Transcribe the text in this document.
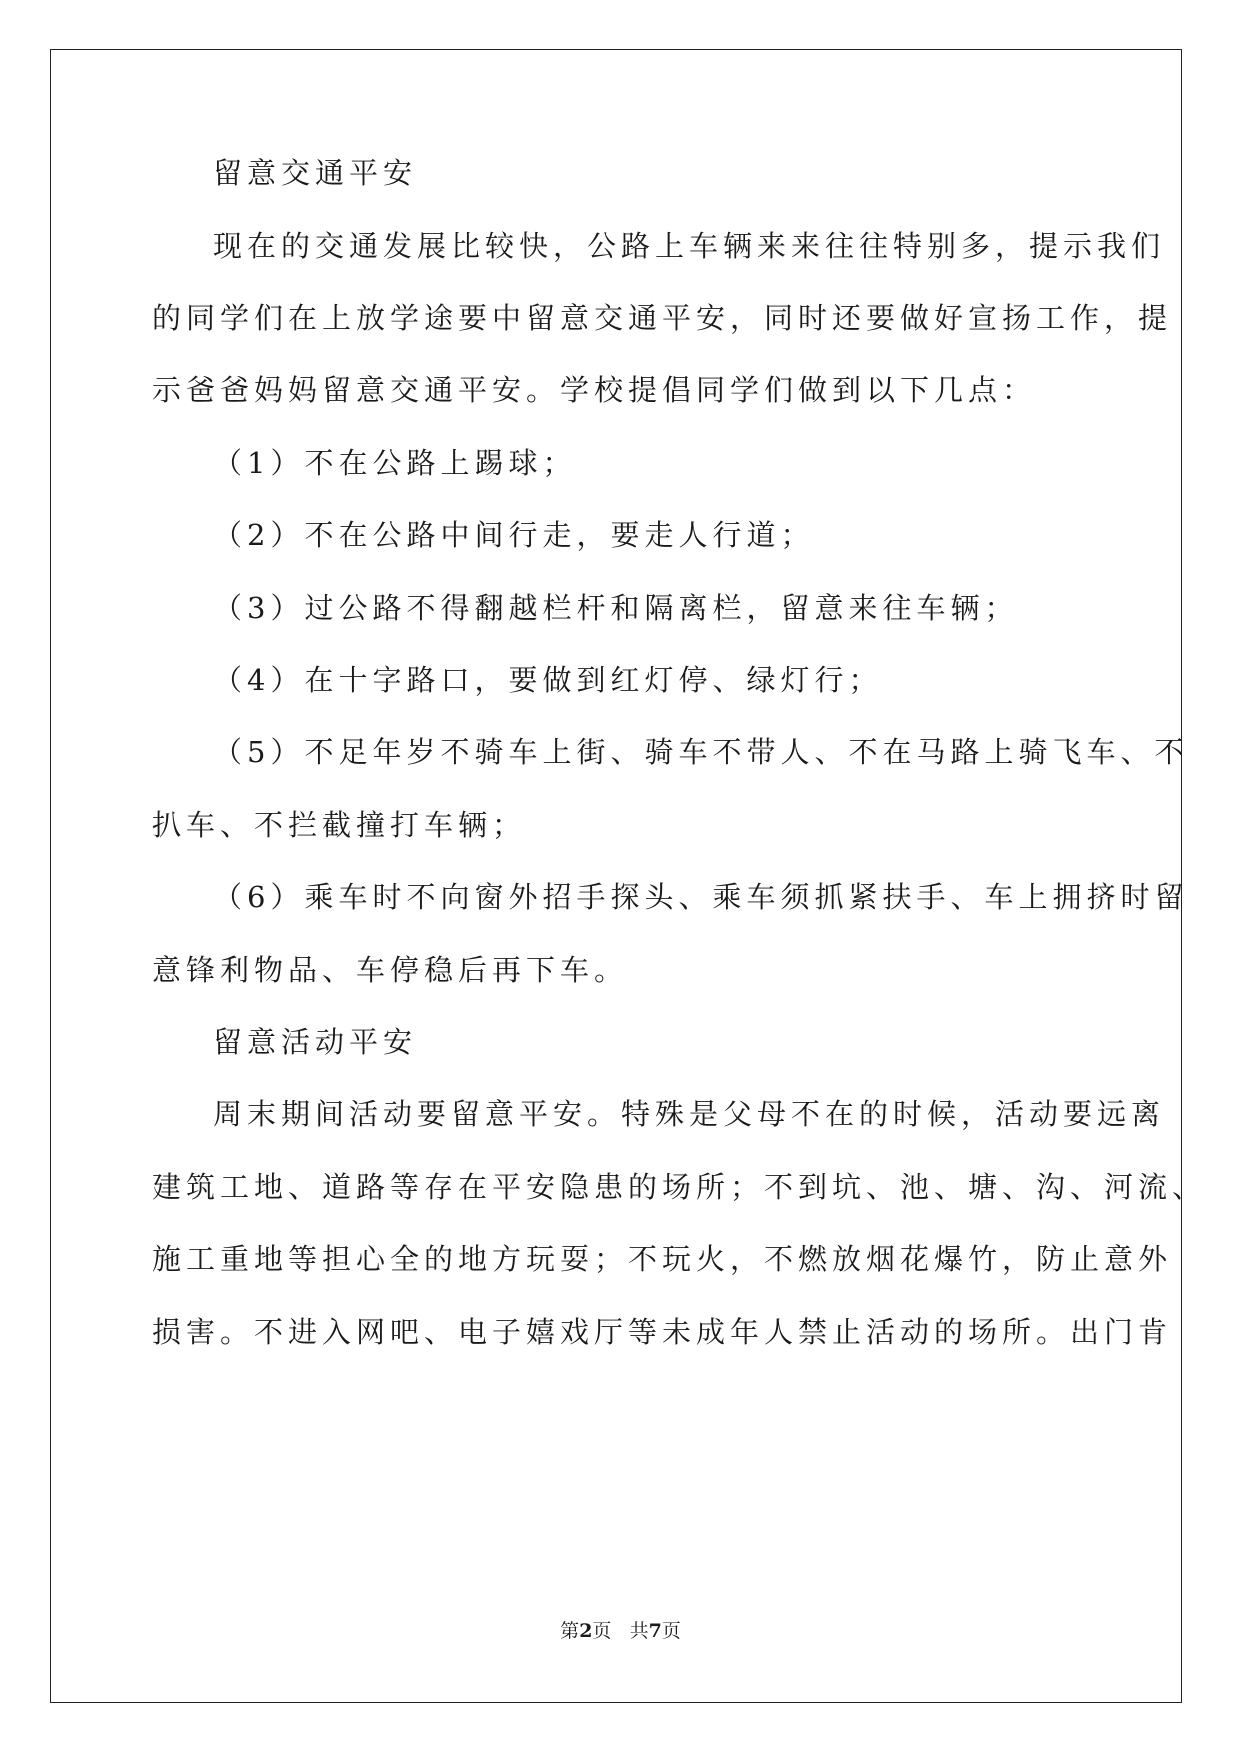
留意交通平安

现在的交通发展比较快，公路上车辆来来往往特别多，提示我们

的同学们在上放学途要中留意交通平安，同时还要做好宣扬工作，提

示爸爸妈妈留意交通平安。学校提倡同学们做到以下几点：

（1）不在公路上踢球；

（2）不在公路中间行走，要走人行道；

（3）过公路不得翻越栏杆和隔离栏，留意来往车辆；

（4）在十字路口，要做到红灯停、绿灯行；

（5）不足年岁不骑车上街、骑车不带人、不在马路上骑飞车、不

扒车、不拦截撞打车辆；

（6）乘车时不向窗外招手探头、乘车须抓紧扶手、车上拥挤时留

意锋利物品、车停稳后再下车。

留意活动平安

周末期间活动要留意平安。特殊是父母不在的时候，活动要远离

建筑工地、道路等存在平安隐患的场所；不到坑、池、塘、沟、河流、

施工重地等担心全的地方玩耍；不玩火，不燃放烟花爆竹，防止意外

损害。不进入网吧、电子嬉戏厅等未成年人禁止活动的场所。出门肯

第2页 共7页
